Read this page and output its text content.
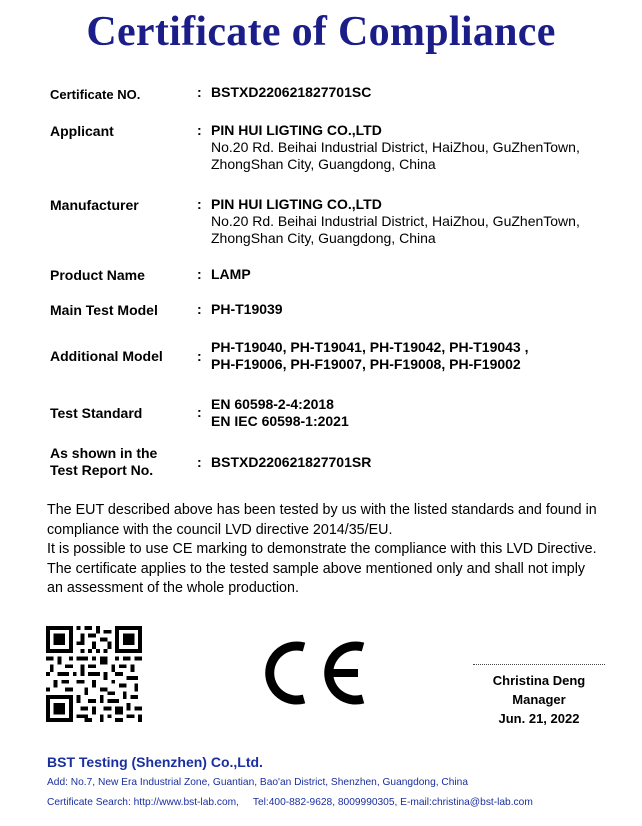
Certificate of Compliance
Certificate NO.	: BSTXD220621827701SC
Applicant	: PIN HUI LIGTING CO.,LTD
No.20 Rd. Beihai Industrial District, HaiZhou, GuZhenTown,
ZhongShan City, Guangdong, China
Manufacturer	: PIN HUI LIGTING CO.,LTD
No.20 Rd. Beihai Industrial District, HaiZhou, GuZhenTown,
ZhongShan City, Guangdong, China
Product Name	: LAMP
Main Test Model	: PH-T19039
Additional Model :
PH-T19040, PH-T19041, PH-T19042, PH-T19043 ,
PH-F19006, PH-F19007, PH-F19008, PH-F19002
Test Standard	: EN 60598-2-4:2018
EN IEC 60598-1:2021
As shown in the
Test Report No.	: BSTXD220621827701SR
The EUT described above has been tested by us with the listed standards and found in
compliance with the council LVD directive 2014/35/EU.
It is possible to use CE marking to demonstrate the compliance with this LVD Directive.
The certificate applies to the tested sample above mentioned only and shall not imply
an assessment of the whole production.
Christina Deng
Manager
Jun. 21, 2022
BST Testing (Shenzhen) Co.,Ltd.
Add: No.7, New Era Industrial Zone, Guantian, Bao'an District, Shenzhen, Guangdong, China
Certificate Search: http://www.bst-lab.com,     Tel:400-882-9628, 8009990305, E-mail:christina@bst-lab.com
